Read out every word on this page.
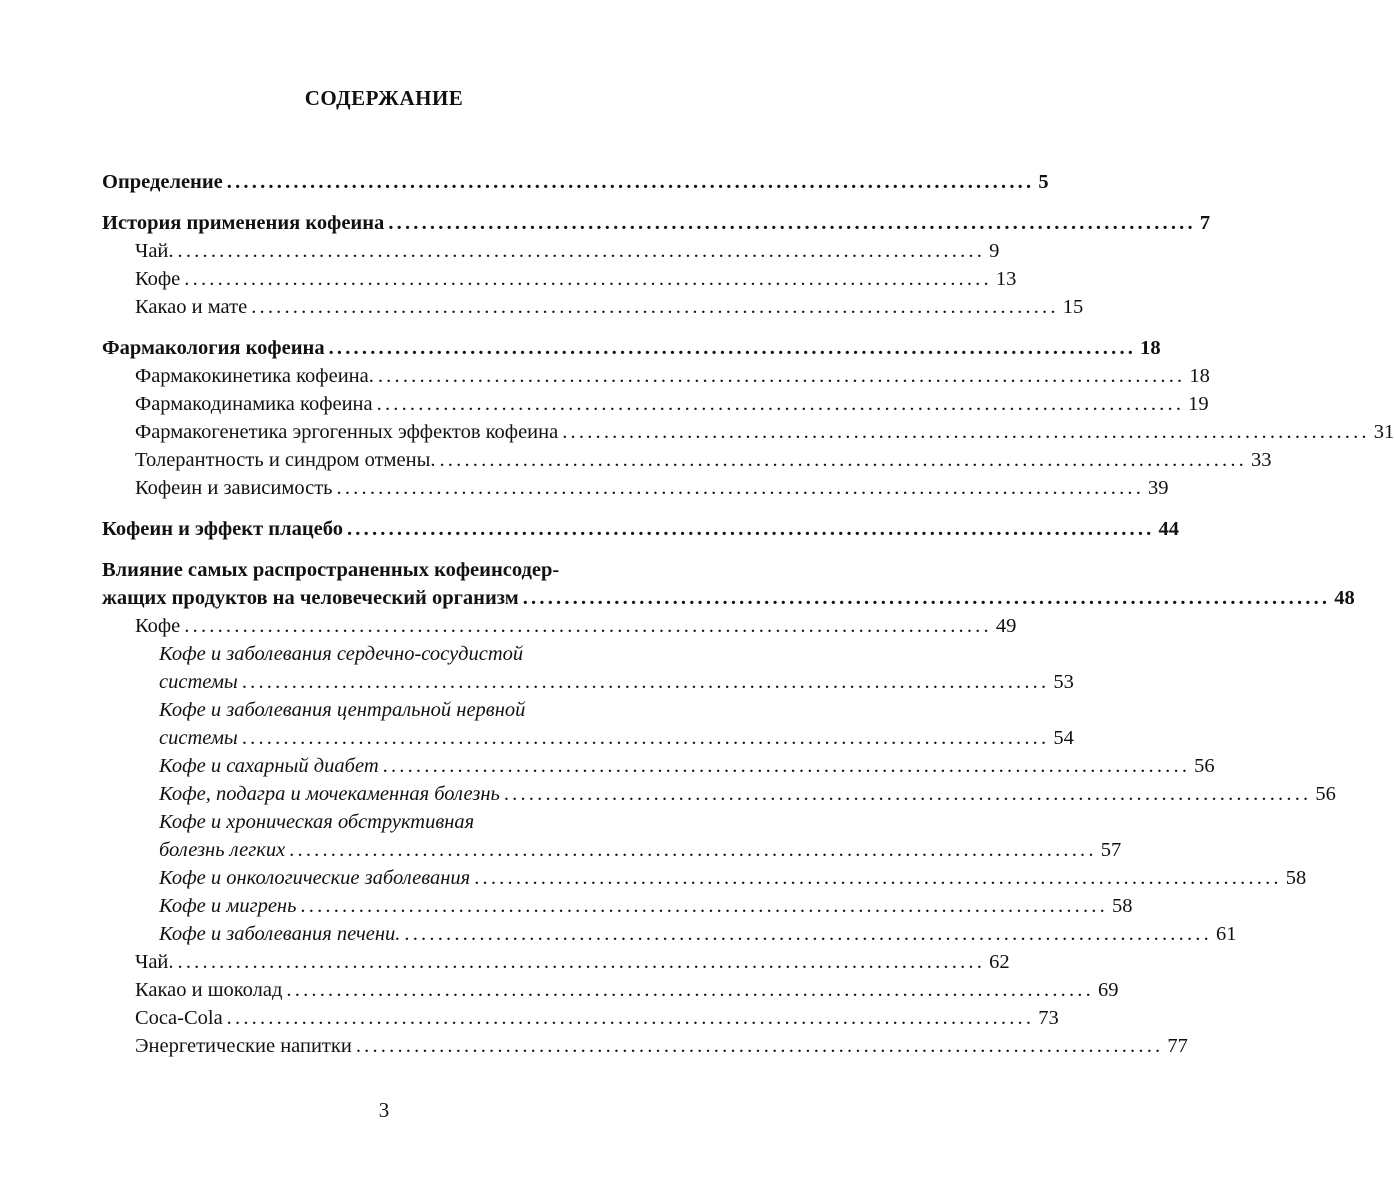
СОДЕРЖАНИЕ
Определение ................................................................................................. 5
История применения кофеина ................................................................................................. 7
Чай. ................................................................................................. 9
Кофе ................................................................................................. 13
Какао и мате ................................................................................................. 15
Фармакология кофеина ................................................................................................. 18
Фармакокинетика кофеина. ................................................................................................. 18
Фармакодинамика кофеина ................................................................................................. 19
Фармакогенетика эргогенных эффектов кофеина ................................................................................................. 31
Толерантность и синдром отмены. ................................................................................................. 33
Кофеин и зависимость ................................................................................................. 39
Кофеин и эффект плацебо ................................................................................................. 44
Влияние самых распространенных кофеинсодер-
жащих продуктов на человеческий организм ................................................................................................. 48
Кофе ................................................................................................. 49
Кофе и заболевания сердечно-сосудистой
системы ................................................................................................. 53
Кофе и заболевания центральной нервной
системы ................................................................................................. 54
Кофе и сахарный диабет ................................................................................................. 56
Кофе, подагра и мочекаменная болезнь ................................................................................................. 56
Кофе и хроническая обструктивная
болезнь легких ................................................................................................. 57
Кофе и онкологические заболевания ................................................................................................. 58
Кофе и мигрень ................................................................................................. 58
Кофе и заболевания печени. ................................................................................................. 61
Чай. ................................................................................................. 62
Какао и шоколад ................................................................................................. 69
Coca-Cola ................................................................................................. 73
Энергетические напитки ................................................................................................. 77
3
